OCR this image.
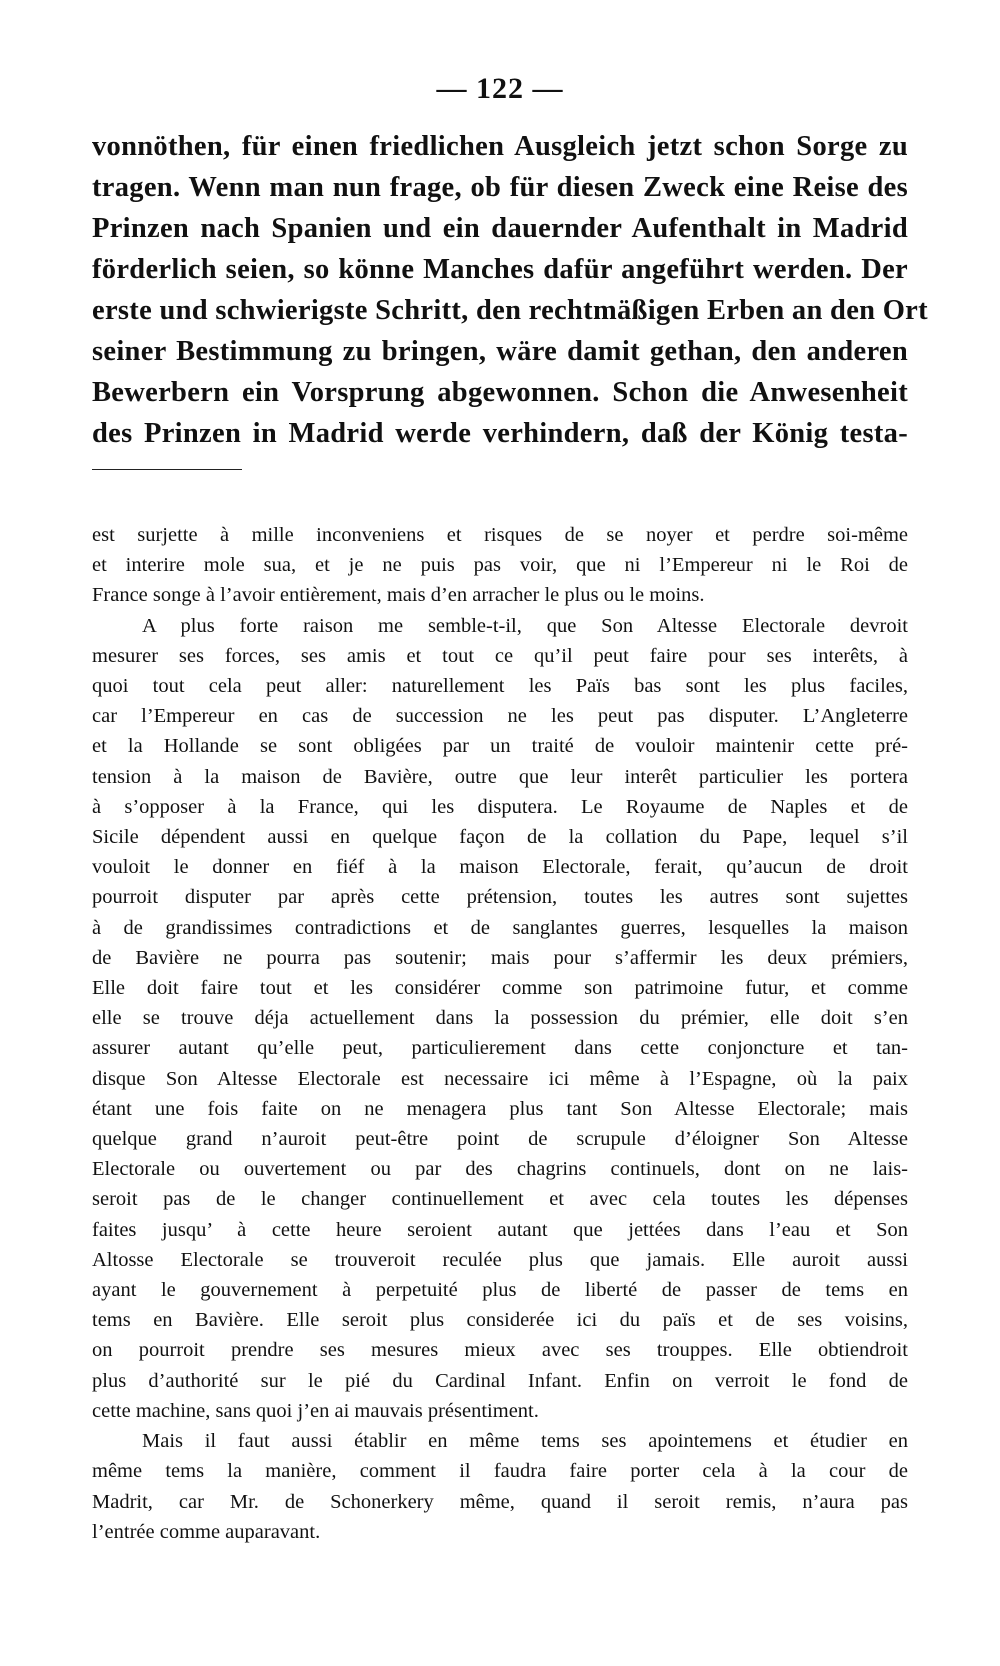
— 122 —
vonnöthen, für einen friedlichen Ausgleich jetzt schon Sorge zu
tragen. Wenn man nun frage, ob für diesen Zweck eine Reise des
Prinzen nach Spanien und ein dauernder Aufenthalt in Madrid
förderlich seien, so könne Manches dafür angeführt werden. Der
erste und schwierigste Schritt, den rechtmäßigen Erben an den Ort
seiner Bestimmung zu bringen, wäre damit gethan, den anderen
Bewerbern ein Vorsprung abgewonnen. Schon die Anwesenheit
des Prinzen in Madrid werde verhindern, daß der König testa-
est surjette à mille inconveniens et risques de se noyer et perdre soi-même
et interire mole sua, et je ne puis pas voir, que ni l’Empereur ni le Roi de
France songe à l’avoir entièrement, mais d’en arracher le plus ou le moins.
A plus forte raison me semble-t-il, que Son Altesse Electorale devroit
mesurer ses forces, ses amis et tout ce qu’il peut faire pour ses interêts, à
quoi tout cela peut aller: naturellement les Païs bas sont les plus faciles,
car l’Empereur en cas de succession ne les peut pas disputer. L’Angleterre
et la Hollande se sont obligées par un traité de vouloir maintenir cette pré-
tension à la maison de Bavière, outre que leur interêt particulier les portera
à s’opposer à la France, qui les disputera. Le Royaume de Naples et de
Sicile dépendent aussi en quelque façon de la collation du Pape, lequel s’il
vouloit le donner en fiéf à la maison Electorale, ferait, qu’aucun de droit
pourroit disputer par après cette prétension, toutes les autres sont sujettes
à de grandissimes contradictions et de sanglantes guerres, lesquelles la maison
de Bavière ne pourra pas soutenir; mais pour s’affermir les deux prémiers,
Elle doit faire tout et les considérer comme son patrimoine futur, et comme
elle se trouve déja actuellement dans la possession du prémier, elle doit s’en
assurer autant qu’elle peut, particulierement dans cette conjoncture et tan-
disque Son Altesse Electorale est necessaire ici même à l’Espagne, où la paix
étant une fois faite on ne menagera plus tant Son Altesse Electorale; mais
quelque grand n’auroit peut-être point de scrupule d’éloigner Son Altesse
Electorale ou ouvertement ou par des chagrins continuels, dont on ne lais-
seroit pas de le changer continuellement et avec cela toutes les dépenses
faites jusqu’ à cette heure seroient autant que jettées dans l’eau et Son
Altosse Electorale se trouveroit reculée plus que jamais. Elle auroit aussi
ayant le gouvernement à perpetuité plus de liberté de passer de tems en
tems en Bavière. Elle seroit plus considerée ici du païs et de ses voisins,
on pourroit prendre ses mesures mieux avec ses trouppes. Elle obtiendroit
plus d’authorité sur le pié du Cardinal Infant. Enfin on verroit le fond de
cette machine, sans quoi j’en ai mauvais présentiment.
Mais il faut aussi établir en même tems ses apointemens et étudier en
même tems la manière, comment il faudra faire porter cela à la cour de
Madrit, car Mr. de Schonerkery même, quand il seroit remis, n’aura pas
l’entrée comme auparavant.
